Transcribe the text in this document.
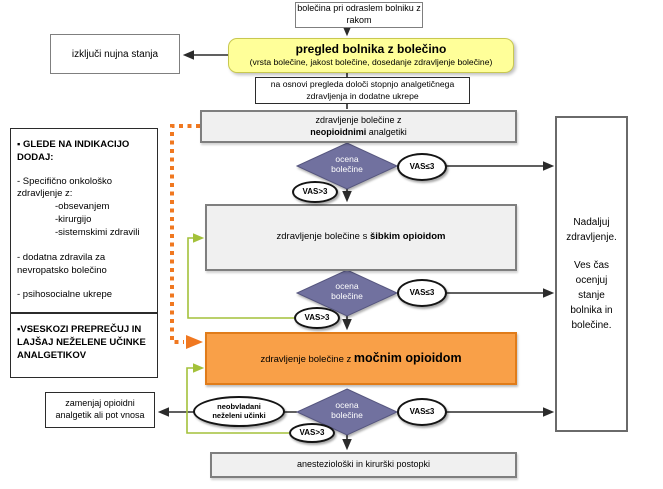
bolečina pri odraslem bolniku z rakom
pregled bolnika z bolečino
(vrsta bolečine, jakost bolečine, dosedanje zdravljenje bolečine)
izključi nujna stanja
na osnovi pregleda določi stopnjo analgetičnega zdravljenja in dodatne ukrepe
zdravljenje bolečine z
neopioidnimi analgetiki
zdravljenje bolečine s šibkim opioidom
zdravljenje bolečine z močnim opioidom
anesteziološki in kirurški postopki
Nadaljuj zdravljenje.
Ves čas ocenjuj stanje bolnika in bolečine.
▪ GLEDE NA INDIKACIJO DODAJ:
- Specifično onkološko zdravljenje z:
-obsevanjem
-kirurgijo
-sistemskimi zdravili
- dodatna zdravila za nevropatsko bolečino
- psihosocialne ukrepe
▪VSESKOZI PREPREČUJ IN LAJŠAJ NEŽELENE UČINKE ANALGETIKOV
zamenjaj opioidni analgetik ali pot vnosa
ocena bolečine
ocena bolečine
ocena bolečine
VAS≤3
VAS>3
VAS≤3
VAS>3
VAS≤3
VAS>3
neobvladani neželeni učinki
